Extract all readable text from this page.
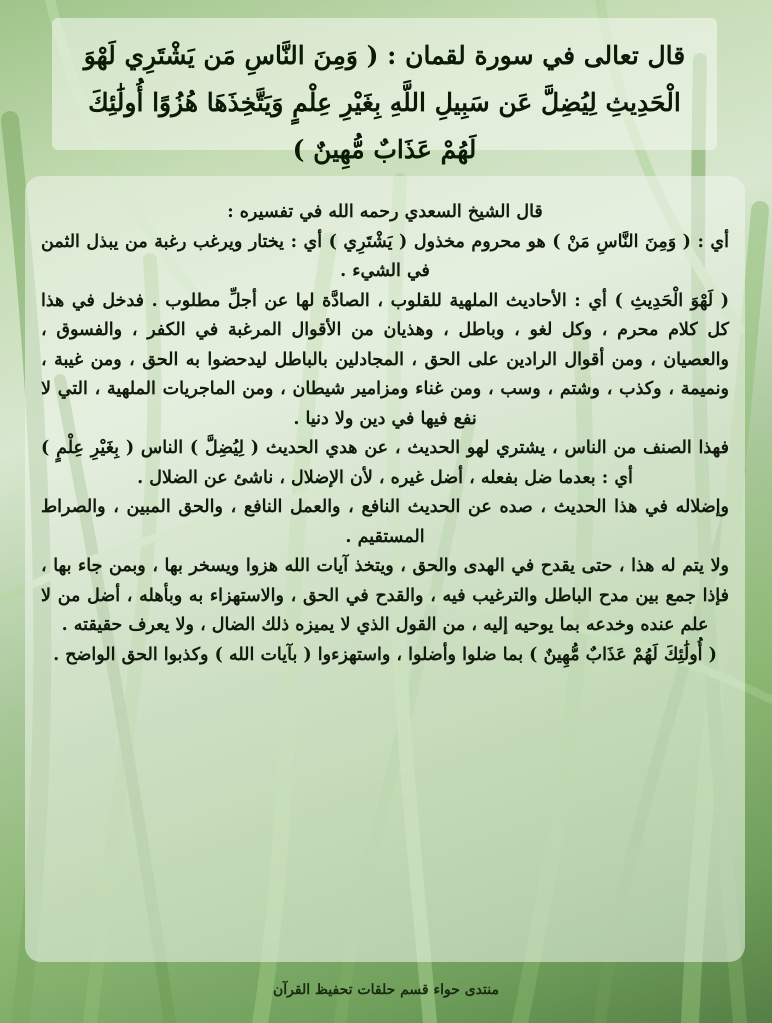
قال تعالى في سورة لقمان : ( وَمِنَ النَّاسِ مَن يَشْتَرِي لَهْوَ الْحَدِيثِ لِيُضِلَّ عَن سَبِيلِ اللَّهِ بِغَيْرِ عِلْمٍ وَيَتَّخِذَهَا هُزُوًا أُولَٰئِكَ لَهُمْ عَذَابٌ مُّهِينٌ )

قال الشيخ السعدي رحمه الله في تفسيره :

أي : ( وَمِنَ النَّاسِ مَنْ ) هو محروم مخذول ( يَشْتَرِي ) أي : يختار ويرغب رغبة من يبذل الثمن في الشيء .

( لَهْوَ الْحَدِيثِ ) أي : الأحاديث الملهية للقلوب ، الصادَّة لها عن أجلِّ مطلوب . فدخل في هذا كل كلام محرم ، وكل لغو ، وباطل ، وهذيان من الأقوال المرغبة في الكفر ، والفسوق ، والعصيان ، ومن أقوال الرادين على الحق ، المجادلين بالباطل ليدحضوا به الحق ، ومن غيبة ، ونميمة ، وكذب ، وشتم ، وسب ، ومن غناء ومزامير شيطان ، ومن الماجريات الملهية ، التي لا نفع فيها في دين ولا دنيا .

فهذا الصنف من الناس ، يشتري لهو الحديث ، عن هدي الحديث ( لِيُضِلَّ ) الناس ( بِغَيْرِ عِلْمٍ ) أي : بعدما ضل بفعله ، أضل غيره ، لأن الإضلال ، ناشئ عن الضلال .

وإضلاله في هذا الحديث ، صده عن الحديث النافع ، والعمل النافع ، والحق المبين ، والصراط المستقيم .

ولا يتم له هذا ، حتى يقدح في الهدى والحق ، ويتخذ آيات الله هزوا ويسخر بها ، وبمن جاء بها ، فإذا جمع بين مدح الباطل والترغيب فيه ، والقدح في الحق ، والاستهزاء به وبأهله ، أضل من لا علم عنده وخدعه بما يوحيه إليه ، من القول الذي لا يميزه ذلك الضال ، ولا يعرف حقيقته .

( أُولَٰئِكَ لَهُمْ عَذَابٌ مُّهِينٌ ) بما ضلوا وأضلوا ، واستهزءوا ( بآيات الله ) وكذبوا الحق الواضح .

منتدى حواء قسم حلقات تحفيظ القرآن
